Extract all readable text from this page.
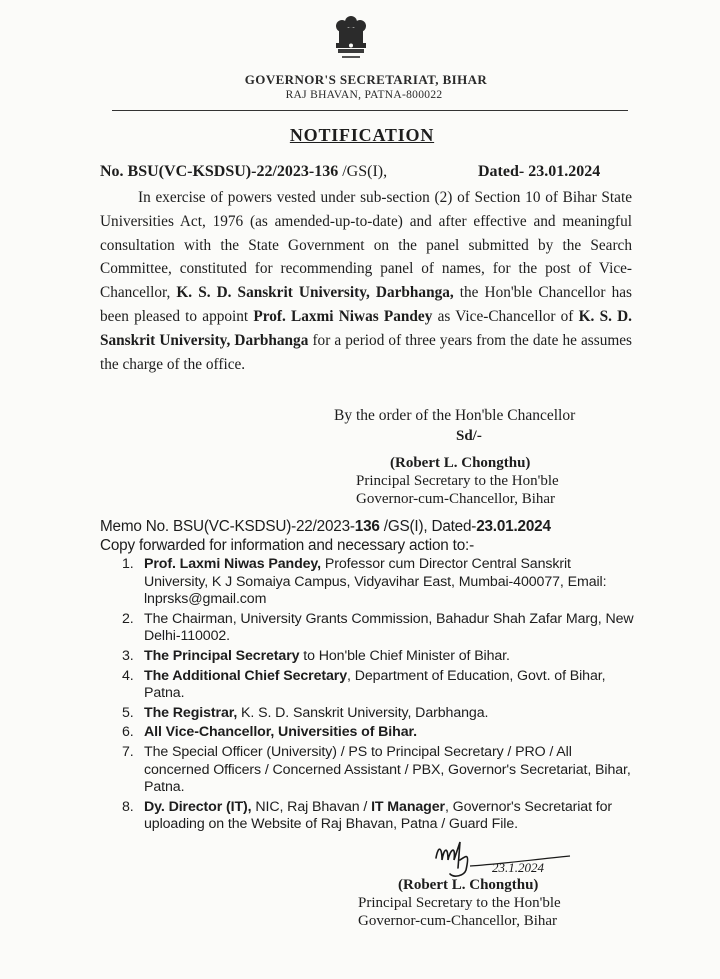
GOVERNOR'S SECRETARIAT, BIHAR
RAJ BHAVAN, PATNA-800022
NOTIFICATION
No. BSU(VC-KSDSU)-22/2023-136 /GS(I),	Dated- 23.01.2024
In exercise of powers vested under sub-section (2) of Section 10 of Bihar State Universities Act, 1976 (as amended-up-to-date) and after effective and meaningful consultation with the State Government on the panel submitted by the Search Committee, constituted for recommending panel of names, for the post of Vice-Chancellor, K. S. D. Sanskrit University, Darbhanga, the Hon'ble Chancellor has been pleased to appoint Prof. Laxmi Niwas Pandey as Vice-Chancellor of K. S. D. Sanskrit University, Darbhanga for a period of three years from the date he assumes the charge of the office.
By the order of the Hon'ble Chancellor
Sd/-
(Robert L. Chongthu)
Principal Secretary to the Hon'ble
Governor-cum-Chancellor, Bihar
Memo No. BSU(VC-KSDSU)-22/2023-136 /GS(I), Dated-23.01.2024
Copy forwarded for information and necessary action to:-
1. Prof. Laxmi Niwas Pandey, Professor cum Director Central Sanskrit University, K J Somaiya Campus, Vidyavihar East, Mumbai-400077, Email: lnprsks@gmail.com
2. The Chairman, University Grants Commission, Bahadur Shah Zafar Marg, New Delhi-110002.
3. The Principal Secretary to Hon'ble Chief Minister of Bihar.
4. The Additional Chief Secretary, Department of Education, Govt. of Bihar, Patna.
5. The Registrar, K. S. D. Sanskrit University, Darbhanga.
6. All Vice-Chancellor, Universities of Bihar.
7. The Special Officer (University) / PS to Principal Secretary / PRO / All concerned Officers / Concerned Assistant / PBX, Governor's Secretariat, Bihar, Patna.
8. Dy. Director (IT), NIC, Raj Bhavan / IT Manager, Governor's Secretariat for uploading on the Website of Raj Bhavan, Patna / Guard File.
23.1.2024
(Robert L. Chongthu)
Principal Secretary to the Hon'ble
Governor-cum-Chancellor, Bihar
